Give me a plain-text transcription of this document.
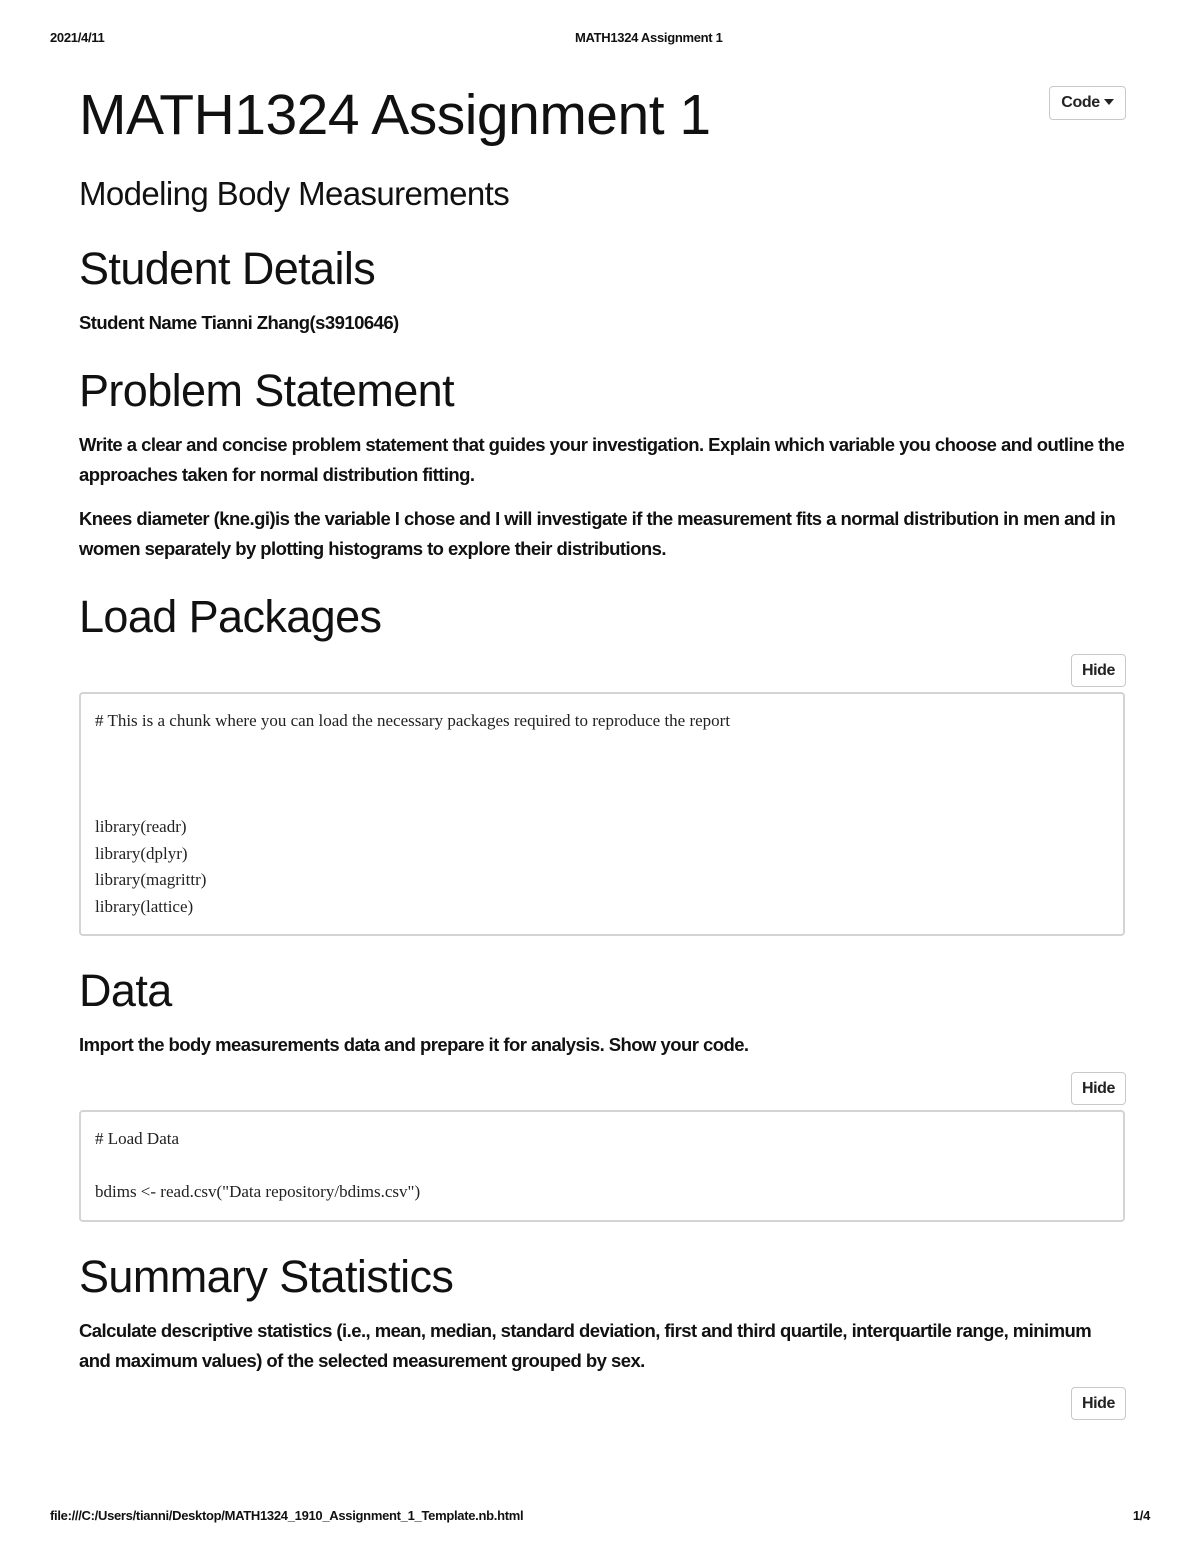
2021/4/11	MATH1324 Assignment 1
Code
MATH1324 Assignment 1
Modeling Body Measurements
Student Details

Student Name Tianni Zhang(s3910646)

Problem Statement

Write a clear and concise problem statement that guides your investigation. Explain which variable you choose and outline the approaches taken for normal distribution fitting.

Knees diameter (kne.gi)is the variable I chose and I will investigate if the measurement fits a normal distribution in men and in women separately by plotting histograms to explore their distributions.

Load Packages
Hide
# This is a chunk where you can load the necessary packages required to reproduce the report
library(readr)
library(dplyr)
library(magrittr)
library(lattice)
Data

Import the body measurements data and prepare it for analysis. Show your code.

Hide
# Load Data
bdims <- read.csv("Data repository/bdims.csv")
Summary Statistics

Calculate descriptive statistics (i.e., mean, median, standard deviation, first and third quartile, interquartile range, minimum and maximum values) of the selected measurement grouped by sex.

Hide
file:///C:/Users/tianni/Desktop/MATH1324_1910_Assignment_1_Template.nb.html	1/4
